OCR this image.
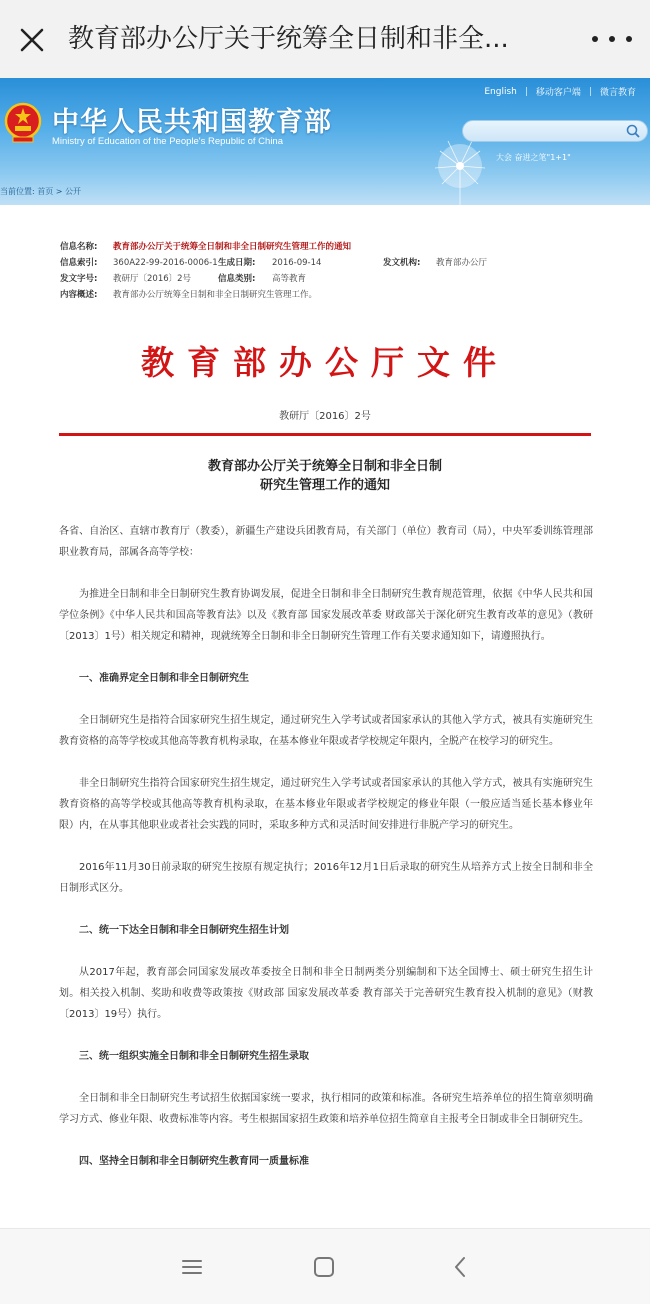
教育部办公厅关于统筹全日制和非全...
English | 移动客户端 | 微言教育
中华人民共和国教育部
Ministry of Education of the People's Republic of China
大会 奋进之笔"1+1"
当前位置: 首页 > 公开
信息名称: 教育部办公厅关于统筹全日制和非全日制研究生管理工作的通知
信息索引: 360A22-99-2016-0006-1 生成日期: 2016-09-14	发文机构: 教育部办公厅
发文字号: 教研厅〔2016〕2号	信息类别: 高等教育
内容概述: 教育部办公厅统筹全日制和非全日制研究生管理工作。
教育部办公厅文件
教研厅〔2016〕2号
教育部办公厅关于统筹全日制和非全日制
研究生管理工作的通知

各省、自治区、直辖市教育厅（教委），新疆生产建设兵团教育局，有关部门（单位）教育司（局），中央军委训练管理部职业教育局，部属各高等学校：

为推进全日制和非全日制研究生教育协调发展，促进全日制和非全日制研究生教育规范管理，依据《中华人民共和国学位条例》《中华人民共和国高等教育法》以及《教育部 国家发展改革委 财政部关于深化研究生教育改革的意见》（教研〔2013〕1号）相关规定和精神，现就统筹全日制和非全日制研究生管理工作有关要求通知如下，请遵照执行。

一、准确界定全日制和非全日制研究生

全日制研究生是指符合国家研究生招生规定，通过研究生入学考试或者国家承认的其他入学方式，被具有实施研究生教育资格的高等学校或其他高等教育机构录取，在基本修业年限或者学校规定年限内，全脱产在校学习的研究生。

非全日制研究生指符合国家研究生招生规定，通过研究生入学考试或者国家承认的其他入学方式，被具有实施研究生教育资格的高等学校或其他高等教育机构录取，在基本修业年限或者学校规定的修业年限（一般应适当延长基本修业年限）内，在从事其他职业或者社会实践的同时，采取多种方式和灵活时间安排进行非脱产学习的研究生。

2016年11月30日前录取的研究生按原有规定执行；2016年12月1日后录取的研究生从培养方式上按全日制和非全日制形式区分。

二、统一下达全日制和非全日制研究生招生计划

从2017年起，教育部会同国家发展改革委按全日制和非全日制两类分别编制和下达全国博士、硕士研究生招生计划。相关投入机制、奖助和收费等政策按《财政部 国家发展改革委 教育部关于完善研究生教育投入机制的意见》（财教〔2013〕19号）执行。

三、统一组织实施全日制和非全日制研究生招生录取

全日制和非全日制研究生考试招生依据国家统一要求，执行相同的政策和标准。各研究生培养单位的招生简章须明确学习方式、修业年限、收费标准等内容。考生根据国家招生政策和培养单位招生简章自主报考全日制或非全日制研究生。

四、坚持全日制和非全日制研究生教育同一质量标准
